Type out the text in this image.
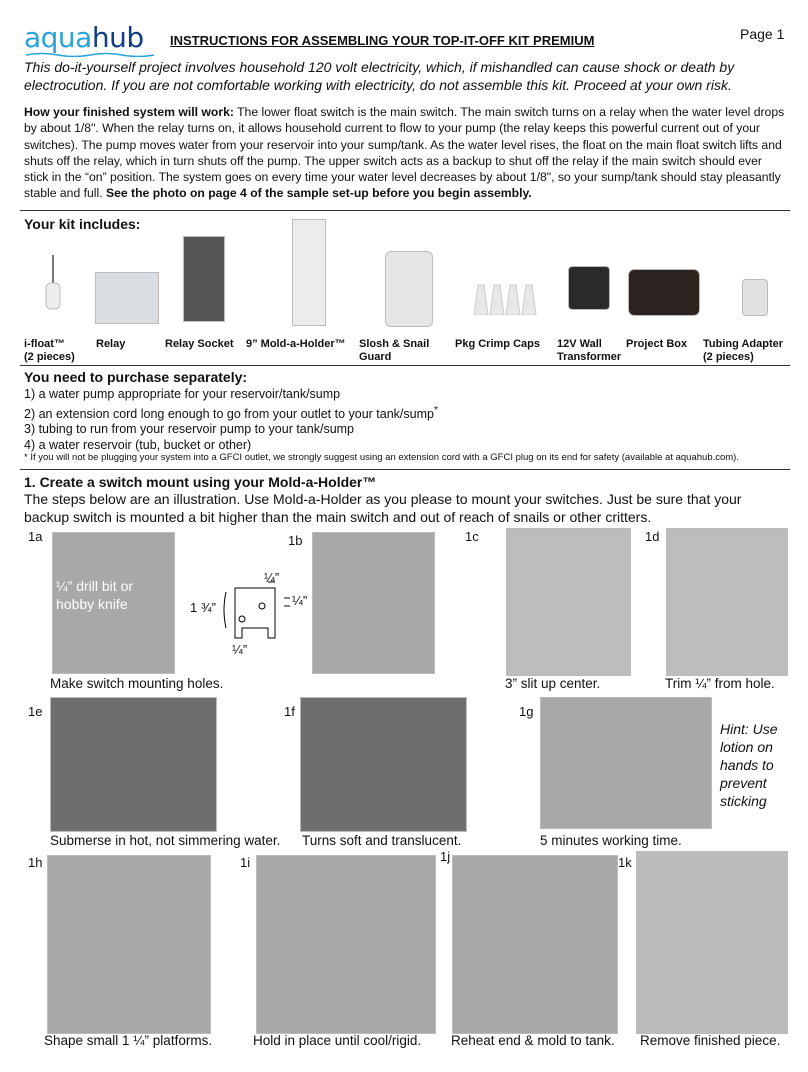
aquahub INSTRUCTIONS FOR ASSEMBLING YOUR TOP-IT-OFF KIT PREMIUM	Page 1
This do-it-yourself project involves household 120 volt electricity, which, if mishandled can cause shock or death by electrocution. If you are not comfortable working with electricity, do not assemble this kit. Proceed at your own risk.
How your finished system will work: The lower float switch is the main switch. The main switch turns on a relay when the water level drops by about 1/8". When the relay turns on, it allows household current to flow to your pump (the relay keeps this powerful current out of your switches). The pump moves water from your reservoir into your sump/tank. As the water level rises, the float on the main float switch lifts and shuts off the relay, which in turn shuts off the pump. The upper switch acts as a backup to shut off the relay if the main switch should ever stick in the “on” position. The system goes on every time your water level decreases by about 1/8", so your sump/tank should stay pleasantly stable and full. See the photo on page 4 of the sample set-up before you begin assembly.
Your kit includes:
i-float™
(2 pieces)
Relay	Relay Socket 9” Mold-a-Holder™ Slosh & Snail
Guard
Pkg Crimp Caps 12V Wall
Transformer
Project Box Tubing Adapter
(2 pieces)
You need to purchase separately:
1) a water pump appropriate for your reservoir/tank/sump
2) an extension cord long enough to go from your outlet to your tank/sump*
3) tubing to run from your reservoir pump to your tank/sump
4) a water reservoir (tub, bucket or other)
* If you will not be plugging your system into a GFCI outlet, we strongly suggest using an extension cord with a GFCI plug on its end for safety (available at aquahub.com).
1. Create a switch mount using your Mold-a-Holder™
The steps below are an illustration. Use Mold-a-Holder as you please to mount your switches. Just be sure that your backup switch is mounted a bit higher than the main switch and out of reach of snails or other critters.
1a
¼” drill bit or
hobby knife
Make switch mounting holes.
1b
¼”
¼”
1 ¾”
¼”
1c
3” slit up center.
1d
Trim ¼” from hole.
1e
Submerse in hot, not simmering water.
1f
Turns soft and translucent.
1g
5 minutes working time.
Hint: Use
lotion on
hands to
prevent
sticking
1h
Shape small 1 ¼” platforms.
1i
Hold in place until cool/rigid.
1j
Reheat end & mold to tank.
1k
Remove finished piece.
